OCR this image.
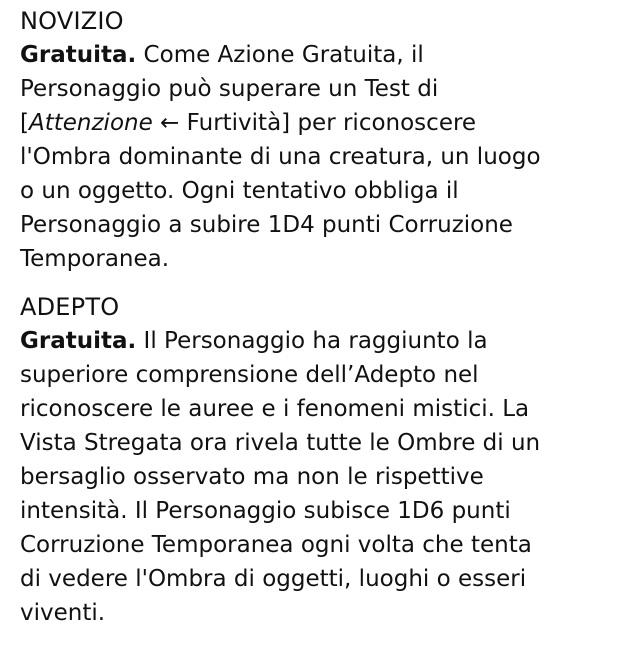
NOVIZIO

Gratuita. Come Azione Gratuita, il
Personaggio può superare un Test di
[Attenzione ← Furtività] per riconoscere
l'Ombra dominante di una creatura, un luogo
o un oggetto. Ogni tentativo obbliga il
Personaggio a subire 1D4 punti Corruzione
Temporanea.

ADEPTO

Gratuita. Il Personaggio ha raggiunto la
superiore comprensione dell’Adepto nel
riconoscere le auree e i fenomeni mistici. La
Vista Stregata ora rivela tutte le Ombre di un
bersaglio osservato ma non le rispettive
intensità. Il Personaggio subisce 1D6 punti
Corruzione Temporanea ogni volta che tenta
di vedere l'Ombra di oggetti, luoghi o esseri
viventi.
